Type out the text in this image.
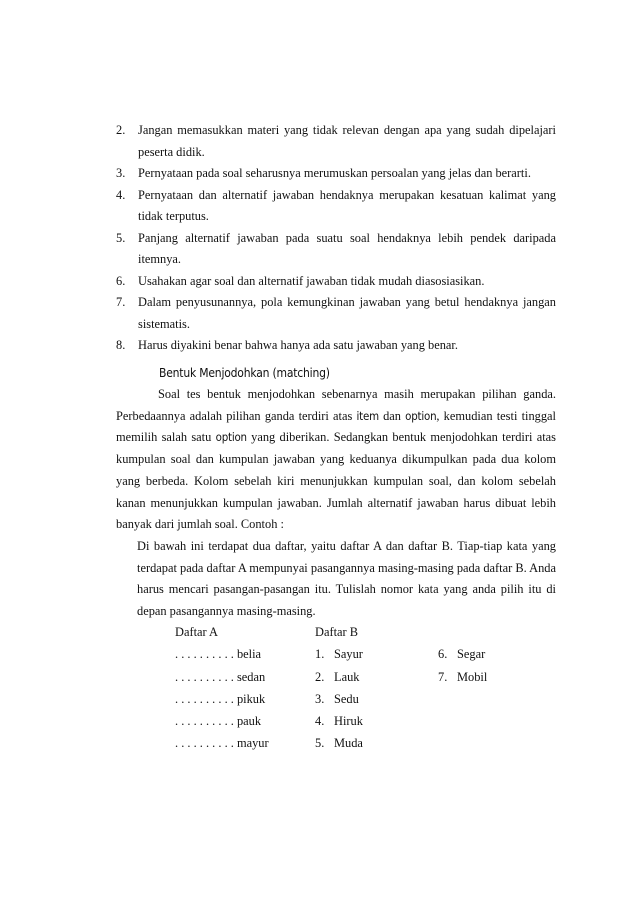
2. Jangan memasukkan materi yang tidak relevan dengan apa yang sudah dipelajari
peserta didik.
3. Pernyataan pada soal seharusnya merumuskan persoalan yang jelas dan berarti.
4. Pernyataan dan alternatif jawaban hendaknya merupakan kesatuan kalimat yang
tidak terputus.
5. Panjang alternatif jawaban pada suatu soal hendaknya lebih pendek daripada
itemnya.
6. Usahakan agar soal dan alternatif jawaban tidak mudah diasosiasikan.
7. Dalam penyusunannya, pola kemungkinan jawaban yang betul hendaknya jangan
sistematis.
8. Harus diyakini benar bahwa hanya ada satu jawaban yang benar.
Bentuk Menjodohkan (matching)

Soal tes bentuk menjodohkan sebenarnya masih merupakan pilihan ganda. Perbedaannya adalah pilihan ganda terdiri atas item dan option, kemudian testi tinggal memilih salah satu option yang diberikan. Sedangkan bentuk menjodohkan terdiri atas kumpulan soal dan kumpulan jawaban yang keduanya dikumpulkan pada dua kolom yang berbeda. Kolom sebelah kiri menunjukkan kumpulan soal, dan kolom sebelah kanan menunjukkan kumpulan jawaban. Jumlah alternatif jawaban harus dibuat lebih banyak dari jumlah soal. Contoh :

Di bawah ini terdapat dua daftar, yaitu daftar A dan daftar B. Tiap-tiap kata yang terdapat pada daftar A mempunyai pasangannya masing-masing pada daftar B. Anda harus mencari pasangan-pasangan itu. Tulislah nomor kata yang anda pilih itu di depan pasangannya masing-masing.

Daftar A	Daftar B
. . . . . . . . . . belia
. . . . . . . . . . sedan
. . . . . . . . . . pikuk
. . . . . . . . . . pauk
. . . . . . . . . . mayur
1. Sayur
2. Lauk
3. Sedu
4. Hiruk
5. Muda
6. Segar
7. Mobil
